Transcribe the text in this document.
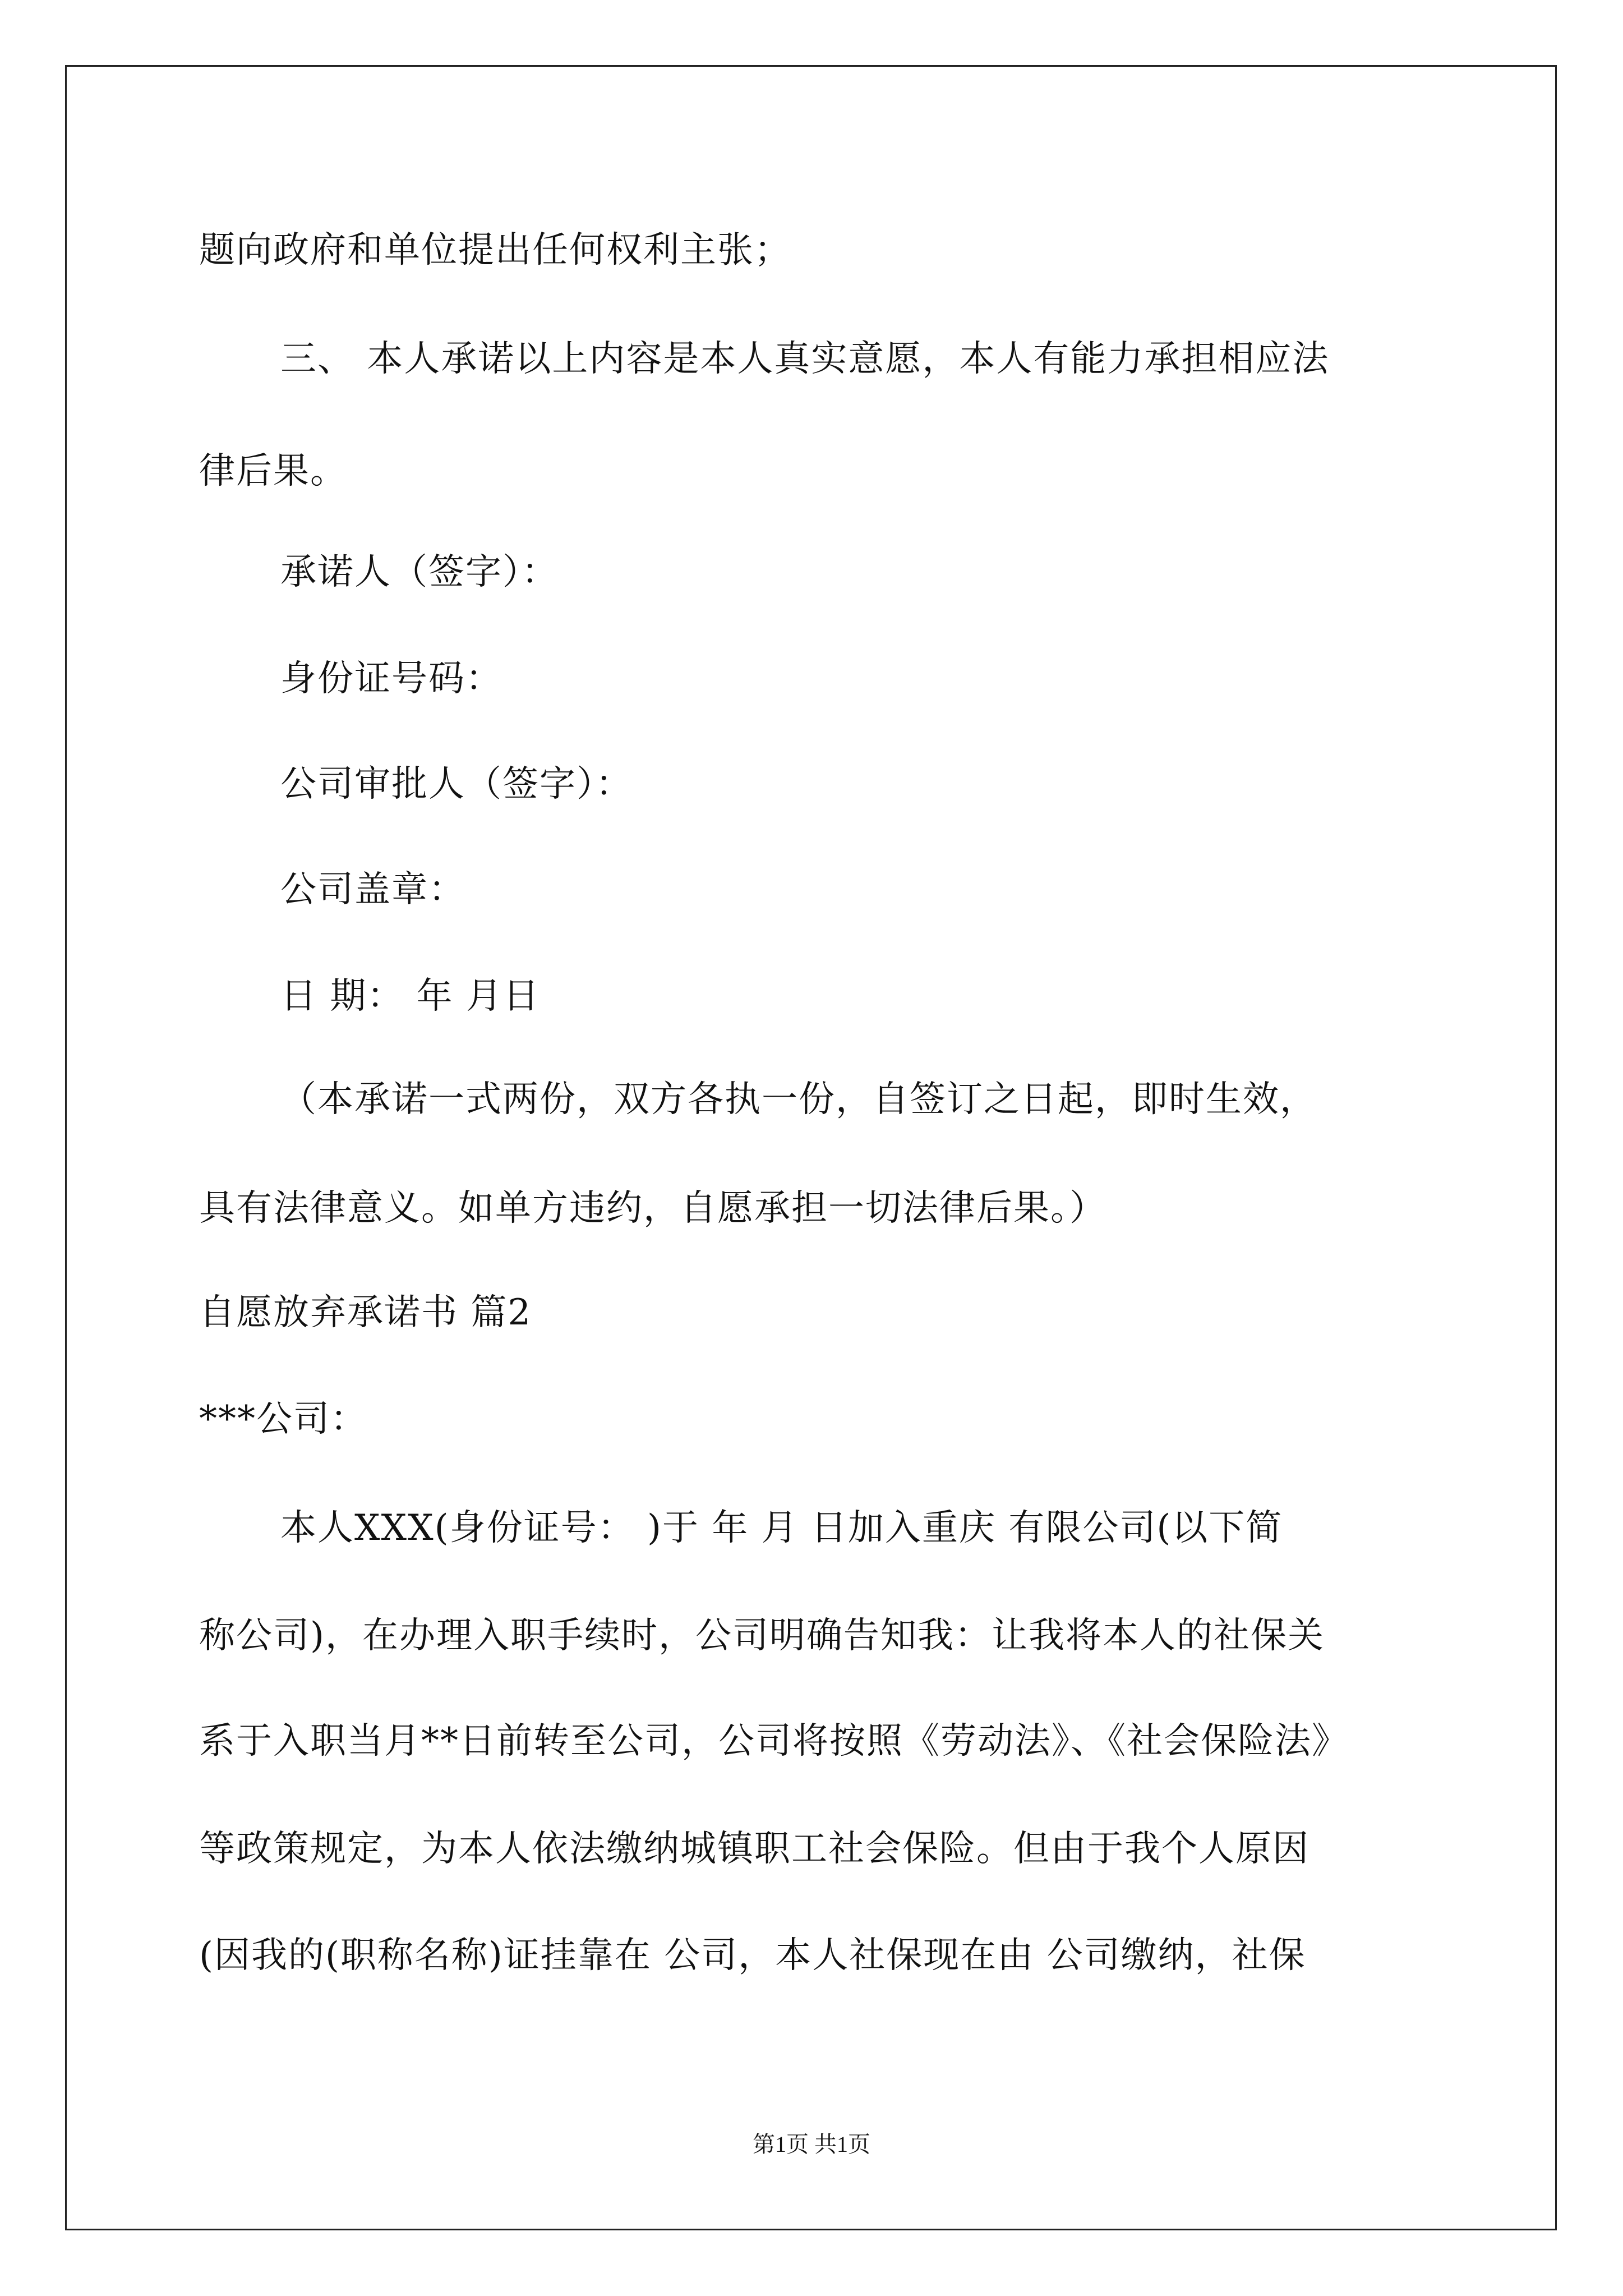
题向政府和单位提出任何权利主张；
三、 本人承诺以上内容是本人真实意愿，本人有能力承担相应法
律后果。
承诺人（签字）：
身份证号码：
公司审批人（签字）：
公司盖章：
日 期： 年 月日
（本承诺一式两份，双方各执一份，自签订之日起，即时生效，
具有法律意义。如单方违约，自愿承担一切法律后果。）
自愿放弃承诺书 篇2
***公司：
本人XXX(身份证号： )于 年 月 日加入重庆 有限公司(以下简
称公司)，在办理入职手续时，公司明确告知我：让我将本人的社保关
系于入职当月**日前转至公司，公司将按照《劳动法》、《社会保险法》
等政策规定，为本人依法缴纳城镇职工社会保险。但由于我个人原因
(因我的(职称名称)证挂靠在 公司，本人社保现在由 公司缴纳，社保
第1页 共1页
